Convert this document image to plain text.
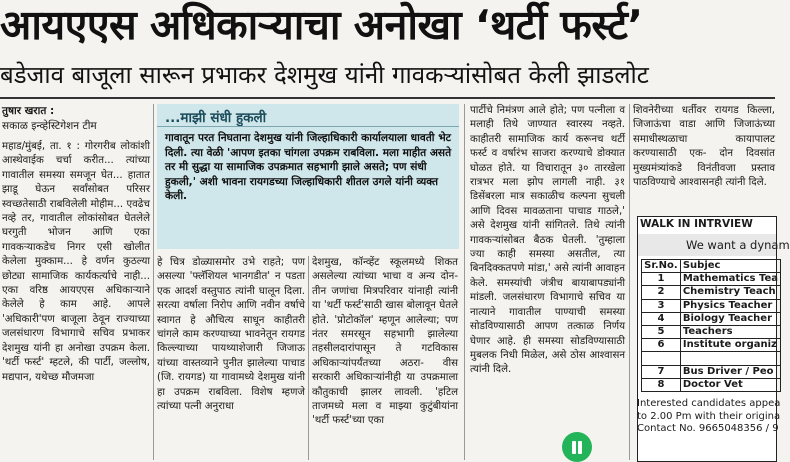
आयएएस अधिकाऱ्याचा अनोखा ‘थर्टी फर्स्ट’
बडेजाव बाजूला सारून प्रभाकर देशमुख यांनी गावकऱ्यांसोबत केली झाडलोट
तुषार खरात :
सकाळ इन्व्हेस्टिगेशन टीम

महाड/मुंबई, ता. १ : गोरगरीब लोकांशी आस्थेवाईक चर्चा करीत... त्यांच्या गावातील समस्या समजून घेत... हातात झाडू घेऊन सर्वांसोबत परिसर स्वच्छतेसाठी राबविलेली मोहीम... एवढेच नव्हे तर, गावातील लोकांसोबत घेतलेले घरगुती भोजन आणि एका गावकऱ्याकडेच निगर एसी खोलीत केलेला मुक्काम... हे वर्णन कुठल्या छोट्या सामाजिक कार्यकर्त्याचे नाही... एका वरिष्ठ आयएएस अधिकाऱ्याने केलेले हे काम आहे. आपले 'अधिकारी'पण बाजूला ठेवून राज्याच्या जलसंधारण विभागाचे सचिव प्रभाकर देशमुख यांनी हा अनोखा उपक्रम केला. 'थर्टी फर्स्ट' म्हटले, की पार्टी, जल्लोष, मद्यपान, यथेच्छ मौजमजा

...माझी संधी हुकली
गावातून परत निघताना देशमुख यांनी जिल्हाधिकारी कार्यालयाला धावती भेट दिली. त्या वेळी 'आपण इतका चांगला उपक्रम राबविला. मला माहीत असते तर मी सुद्धा या सामाजिक उपक्रमात सहभागी झाले असते; पण संधी हुकली,' अशी भावना रायगडच्या जिल्हाधिकारी शीतल उगले यांनी व्यक्त केली.

हे चित्र डोळ्यासमोर उभे राहते; पण असल्या 'फ्लॅशियल भानगडीत' न पडता एक आदर्श वस्तुपाठ त्यांनी घालून दिला. सरत्या वर्षाला निरोप आणि नवीन वर्षाचे स्वागत हे औचित्य साधून काहीतरी चांगले काम करण्याच्या भावनेतून रायगड किल्ल्याच्या पायथ्याशेजारी जिजाऊ यांच्या वास्तव्याने पुनीत झालेल्या पाचाड (जि. रायगड) या गावामध्ये देशमुख यांनी हा उपक्रम राबविला. विशेष म्हणजे त्यांच्या पत्नी अनुराधा

देशमुख, कॉन्व्हेंट स्कूलमध्ये शिकत असलेल्या त्यांच्या भाचा व अन्य दोन- तीन जणांचा मित्रपरिवार यांनाही त्यांनी या 'थर्टी फर्स्ट'साठी खास बोलावून घेतले होते. 'प्रोटोकॉल' म्हणून आलेल्या; पण नंतर समरसून सहभागी झालेल्या तहसीलदारांपासून ते गटविकास अधिकाऱ्यांपर्यंतच्या अठरा- वीस सरकारी अधिकाऱ्यांनीही या उपक्रमाला कौतुकाची झालर लावली. 'हटिल ताजमध्ये मला व माझ्या कुटुंबीयांना 'थर्टी फर्स्ट'च्या एका

पार्टीचे निमंत्रण आले होते; पण पत्नीला व मलाही तिथे जाण्यात स्वारस्य नव्हते. काहीतरी सामाजिक कार्य करूनच थर्टी फर्स्ट व वर्षारंभ साजरा करण्याचे डोक्यात घोळत होते. या विचारातून ३० तारखेला रात्रभर मला झोप लागली नाही. ३१ डिसेंबरला मात्र सकाळीच कल्पना सुचली आणि दिवस मावळताना पाचाड गाठले,' असे देशमुख यांनी सांगितले. तिथे त्यांनी गावकऱ्यांसोबत बैठक घेतली. 'तुम्हाला ज्या काही समस्या असतील, त्या बिनदिक्कतपणे मांडा,' असे त्यांनी आवाहन केले. समस्यांची जंत्रीच बायाबापड्यांनी मांडली. जलसंधारण विभागाचे सचिव या नात्याने गावातील पाण्याची समस्या सोडविण्यासाठी आपण तत्काळ निर्णय घेणार आहे. ही समस्या सोडविण्यासाठी मुबलक निधी मिळेल, असे ठोस आश्वासन त्यांनी दिले.

शिवनेरीच्या धर्तीवर रायगड किल्ला, जिजाऊंचा वाडा आणि जिजाऊंच्या समाधीस्थळाचा कायापालट करण्यासाठी एक- दोन दिवसांत मुख्यमंत्र्यांकडे विनंतीवजा प्रस्ताव पाठविण्याचे आश्वासनही त्यांनी दिले.

WALK IN INTRVIEW
We want a dynam
Sr.No.	Subjec
1	Mathematics Tea
2	Chemistry Teach
3	Physics Teacher
4	Biology Teacher
5	Teachers
6	Institute organiz

7	Bus Driver / Peo
8	Doctor Vet
Interested candidates appea
to 2.00 Pm with their origina
Contact No. 9665048356 / 9
